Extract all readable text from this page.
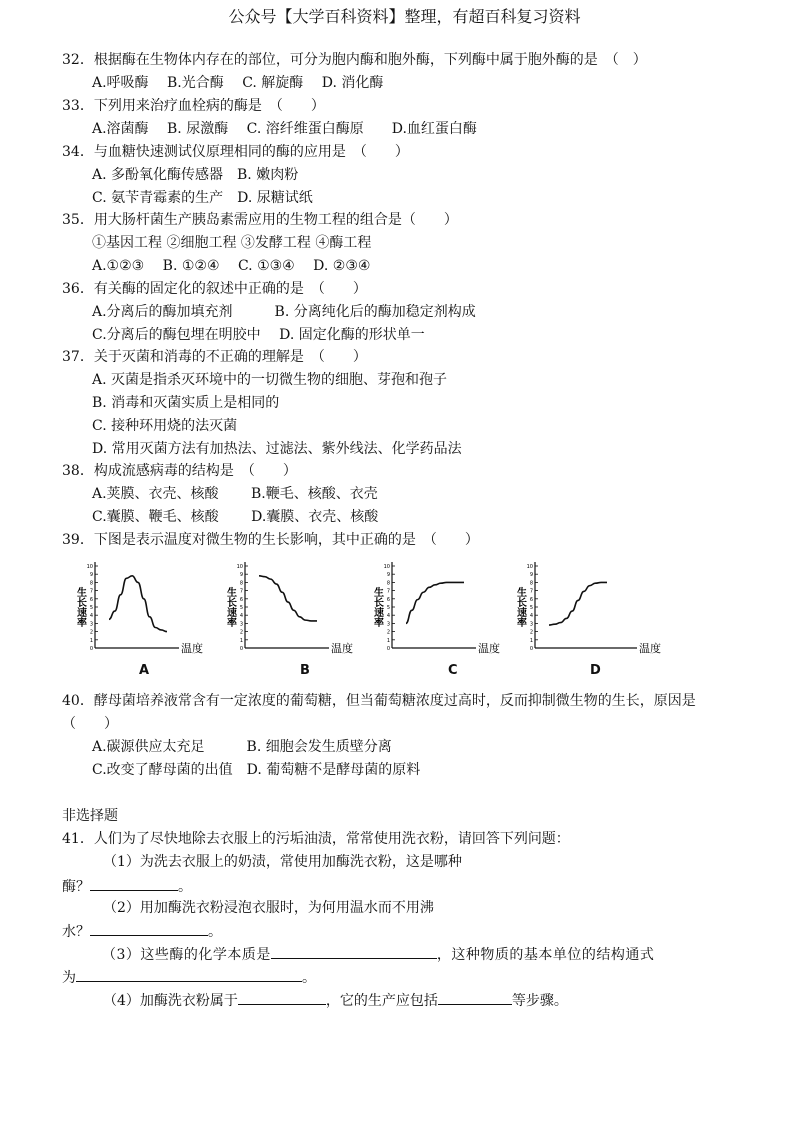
公众号【大学百科资料】整理，有超百科复习资料
32．根据酶在生物体内存在的部位，可分为胞内酶和胞外酶，下列酶中属于胞外酶的是　（　）
A.呼吸酶　 B.光合酶　 C. 解旋酶　 D. 消化酶
33．下列用来治疗血栓病的酶是　（　　）
A.溶菌酶　 B. 尿激酶　 C. 溶纤维蛋白酶原　　D.血红蛋白酶
34．与血糖快速测试仪原理相同的酶的应用是　（　　）
A. 多酚氧化酶传感器　B. 嫩肉粉
C. 氨苄青霉素的生产　D. 尿糖试纸
35．用大肠杆菌生产胰岛素需应用的生物工程的组合是（　　）
①基因工程 ②细胞工程 ③发酵工程 ④酶工程
A.①②③　 B. ①②④　 C. ①③④　 D. ②③④
36．有关酶的固定化的叙述中正确的是　（　　）
A.分离后的酶加填充剂　　　B. 分离纯化后的酶加稳定剂构成
C.分离后的酶包埋在明胶中　 D. 固定化酶的形状单一
37．关于灭菌和消毒的不正确的理解是　（　　）
A. 灭菌是指杀灭环境中的一切微生物的细胞、芽孢和孢子
B. 消毒和灭菌实质上是相同的
C. 接种环用烧的法灭菌
D. 常用灭菌方法有加热法、过滤法、紫外线法、化学药品法
38．构成流感病毒的结构是　（　　）
A.荚膜、衣壳、核酸　　 B.鞭毛、核酸、衣壳
C.囊膜、鞭毛、核酸　　 D.囊膜、衣壳、核酸
39．下图是表示温度对微生物的生长影响，其中正确的是　（　　）
0
1
2
3
4
5
6
7
8
9
10
生长速率
温度	0
1
2
3
4
5
6
7
8
9
10
生长速率
温度	0
1
2
3
4
5
6
7
8
9
10
生长速率
温度	0
1
2
3
4
5
6
7
8
9
10
生长速率
温度
A	B	C	D
40．酵母菌培养液常含有一定浓度的葡萄糖，但当葡萄糖浓度过高时，反而抑制微生物的生长，原因是
（　　）
A.碳源供应太充足　　　B. 细胞会发生质壁分离
C.改变了酵母菌的出值　D. 葡萄糖不是酵母菌的原料
非选择题
41．人们为了尽快地除去衣服上的污垢油渍，常常使用洗衣粉，请回答下列问题：
（1）为洗去衣服上的奶渍，常使用加酶洗衣粉，这是哪种
酶？	。
（2）用加酶洗衣粉浸泡衣服时，为何用温水而不用沸
水？	。
（3）这些酶的化学本质是	，这种物质的基本单位的结构通式
为	。
（4）加酶洗衣粉属于	，它的生产应包括	等步骤。
